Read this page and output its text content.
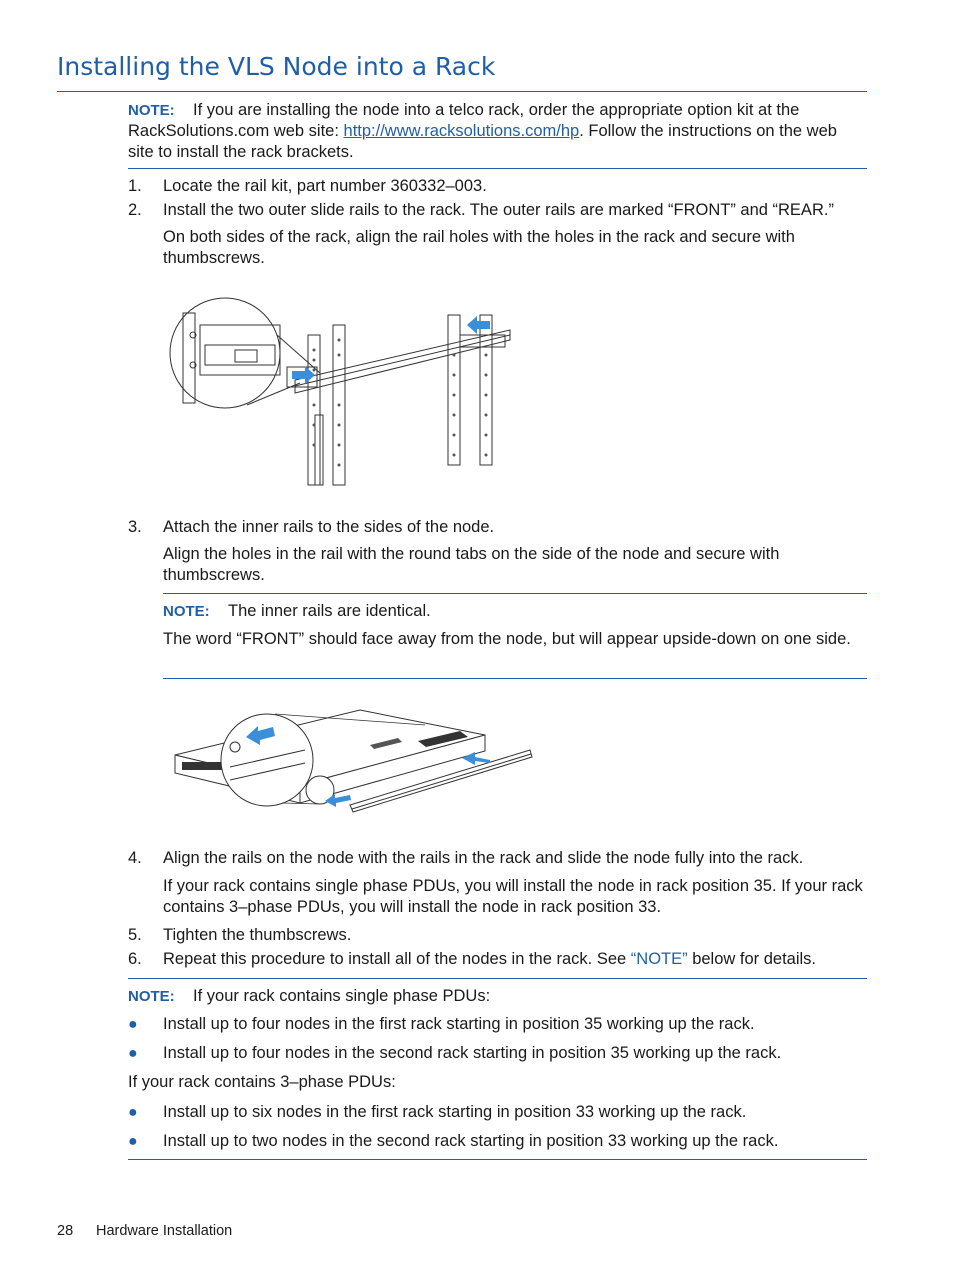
Installing the VLS Node into a Rack
NOTE: If you are installing the node into a telco rack, order the appropriate option kit at the
RackSolutions.com web site: http://www.racksolutions.com/hp. Follow the instructions on the web
site to install the rack brackets.
1. Locate the rail kit, part number 360332–003.
2. Install the two outer slide rails to the rack. The outer rails are marked “FRONT” and “REAR.”
On both sides of the rack, align the rail holes with the holes in the rack and secure with thumbscrews.
3. Attach the inner rails to the sides of the node.
Align the holes in the rail with the round tabs on the side of the node and secure with thumbscrews.
NOTE: The inner rails are identical.
The word “FRONT” should face away from the node, but will appear upside-down on one side.
4. Align the rails on the node with the rails in the rack and slide the node fully into the rack.
If your rack contains single phase PDUs, you will install the node in rack position 35. If your rack contains 3–phase PDUs, you will install the node in rack position 33.
5. Tighten the thumbscrews.
6. Repeat this procedure to install all of the nodes in the rack. See “NOTE” below for details.
NOTE: If your rack contains single phase PDUs:
● Install up to four nodes in the first rack starting in position 35 working up the rack.
● Install up to four nodes in the second rack starting in position 35 working up the rack.
If your rack contains 3–phase PDUs:
● Install up to six nodes in the first rack starting in position 33 working up the rack.
● Install up to two nodes in the second rack starting in position 33 working up the rack.
28 Hardware Installation
